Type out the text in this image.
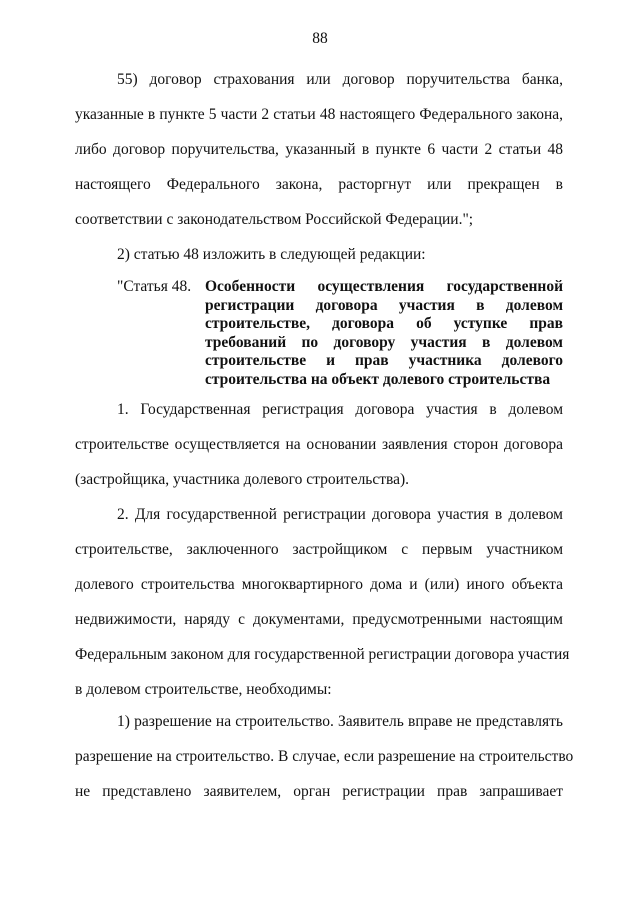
88
55) договор страхования или договор поручительства банка,
указанные в пункте 5 части 2 статьи 48 настоящего Федерального закона,
либо договор поручительства, указанный в пункте 6 части 2 статьи 48
настоящего Федерального закона, расторгнут или прекращен в
соответствии с законодательством Российской Федерации.";
2) статью 48 изложить в следующей редакции:
"Статья 48. Особенности осуществления государственной
регистрации договора участия в долевом
строительстве, договора об уступке прав
требований по договору участия в долевом
строительстве и прав участника долевого
строительства на объект долевого строительства
1. Государственная регистрация договора участия в долевом
строительстве осуществляется на основании заявления сторон договора
(застройщика, участника долевого строительства).
2. Для государственной регистрации договора участия в долевом
строительстве, заключенного застройщиком с первым участником
долевого строительства многоквартирного дома и (или) иного объекта
недвижимости, наряду с документами, предусмотренными настоящим
Федеральным законом для государственной регистрации договора участия
в долевом строительстве, необходимы:
1) разрешение на строительство. Заявитель вправе не представлять
разрешение на строительство. В случае, если разрешение на строительство
не представлено заявителем, орган регистрации прав запрашивает
